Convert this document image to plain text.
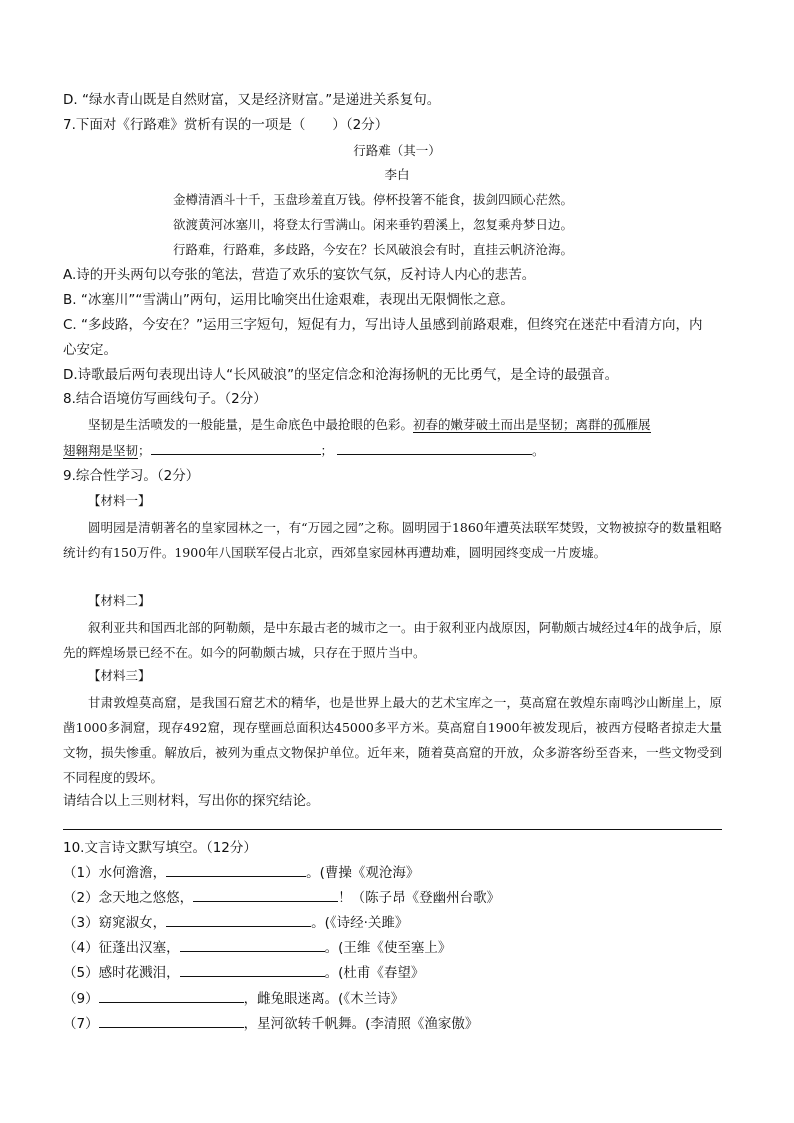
D. “绿水青山既是自然财富，又是经济财富。”是递进关系复句。
7.下面对《行路难》赏析有误的一项是（　　）（2分）
行路难（其一）
李白
金樽清酒斗十千，玉盘珍羞直万钱。停杯投箸不能食，拔剑四顾心茫然。
欲渡黄河冰塞川，将登太行雪满山。闲来垂钓碧溪上，忽复乘舟梦日边。
行路难，行路难，多歧路，今安在？长风破浪会有时，直挂云帆济沧海。
A.诗的开头两句以夸张的笔法，营造了欢乐的宴饮气氛，反衬诗人内心的悲苦。
B. “冰塞川”“雪满山”两句，运用比喻突出仕途艰难，表现出无限惆怅之意。
C. “多歧路，今安在？”运用三字短句，短促有力，写出诗人虽感到前路艰难，但终究在迷茫中看清方向，内
心安定。
D.诗歌最后两句表现出诗人“长风破浪”的坚定信念和沧海扬帆的无比勇气，是全诗的最强音。
8.结合语境仿写画线句子。（2分）
坚韧是生活喷发的一般能量，是生命底色中最抢眼的色彩。初春的嫩芽破土而出是坚韧；离群的孤雁展
翅翱翔是坚韧；	；	。
9.综合性学习。（2分）
【材料一】
圆明园是清朝著名的皇家园林之一，有“万园之园”之称。圆明园于1860年遭英法联军焚毁，文物被掠夺的数量粗略统计约有150万件。1900年八国联军侵占北京，西郊皇家园林再遭劫难，圆明园终变成一片废墟。
【材料二】
叙利亚共和国西北部的阿勒颇，是中东最古老的城市之一。由于叙利亚内战原因，阿勒颇古城经过4年的战争后，原先的辉煌场景已经不在。如今的阿勒颇古城，只存在于照片当中。
【材料三】
甘肃敦煌莫高窟，是我国石窟艺术的精华，也是世界上最大的艺术宝库之一，莫高窟在敦煌东南鸣沙山断崖上，原凿1000多洞窟，现存492窟，现存壁画总面积达45000多平方米。莫高窟自1900年被发现后，被西方侵略者掠走大量文物，损失惨重。解放后，被列为重点文物保护单位。近年来，随着莫高窟的开放，众多游客纷至沓来，一些文物受到不同程度的毁坏。
请结合以上三则材料，写出你的探究结论。
10.文言诗文默写填空。（12分）
（1）水何澹澹，	。(曹操《观沧海》
（2）念天地之悠悠，	！（陈子昂《登幽州台歌》
（3）窈窕淑女，	。(《诗经·关雎》
（4）征蓬出汉塞，	。(王维《使至塞上》
（5）感时花溅泪，	。(杜甫《春望》
（9）	，雌兔眼迷离。(《木兰诗》
（7）	，星河欲转千帆舞。(李清照《渔家傲》
